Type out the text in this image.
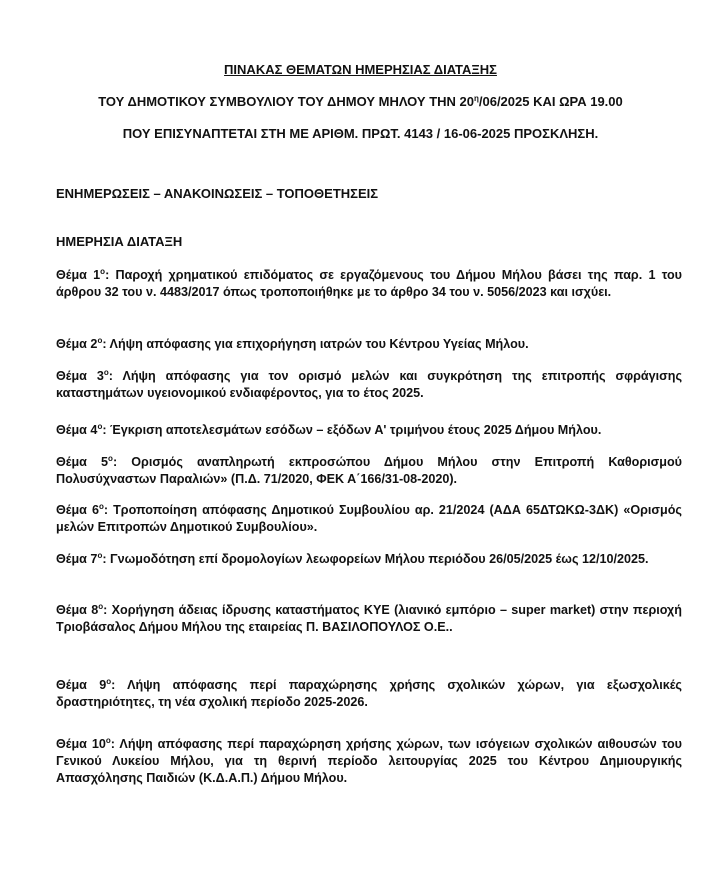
ΠΙΝΑΚΑΣ ΘΕΜΑΤΩΝ ΗΜΕΡΗΣΙΑΣ ΔΙΑΤΑΞΗΣ
ΤΟΥ ΔΗΜΟΤΙΚΟΥ ΣΥΜΒΟΥΛΙΟΥ ΤΟΥ ΔΗΜΟΥ ΜΗΛΟΥ ΤΗΝ $20^\eta/06/2025$ ΚΑΙ ΩΡΑ 19.00
ΠΟΥ ΕΠΙΣΥΝΑΠΤΕΤΑΙ ΣΤΗ ΜΕ ΑΡΙΘΜ. ΠΡΩΤ. 4143 / 16-06-2025 ΠΡΟΣΚΛΗΣΗ.
ΕΝΗΜΕΡΩΣΕΙΣ – ΑΝΑΚΟΙΝΩΣΕΙΣ – ΤΟΠΟΘΕΤΗΣΕΙΣ
ΗΜΕΡΗΣΙΑ ΔΙΑΤΑΞΗ
Θέμα $1^o$: Παροχή χρηματικού επιδόματος σε εργαζόμενους του Δήμου Μήλου βάσει της παρ. 1 του άρθρου 32 του ν. 4483/2017 όπως τροποποιήθηκε με το άρθρο 34 του ν. 5056/2023 και ισχύει.
Θέμα $2^o$: Λήψη απόφασης για επιχορήγηση ιατρών του Κέντρου Υγείας Μήλου.
Θέμα $3^o$: Λήψη απόφασης για τον ορισμό μελών και συγκρότηση της επιτροπής σφράγισης καταστημάτων υγειονομικού ενδιαφέροντος, για το έτος 2025.
Θέμα $4^o$: Έγκριση αποτελεσμάτων εσόδων – εξόδων Α' τριμήνου έτους 2025 Δήμου Μήλου.
Θέμα $5^o$: Ορισμός αναπληρωτή εκπροσώπου Δήμου Μήλου στην Επιτροπή Καθορισμού Πολυσύχναστων Παραλιών» (Π.Δ. 71/2020, ΦΕΚ Α΄166/31-08-2020).
Θέμα $6^o$: Τροποποίηση απόφασης Δημοτικού Συμβουλίου αρ. 21/2024 (ΑΔΑ 65ΔΤΩΚΩ-3ΔΚ) «Ορισμός μελών Επιτροπών Δημοτικού Συμβουλίου».
Θέμα $7^o$: Γνωμοδότηση επί δρομολογίων λεωφορείων Μήλου περιόδου 26/05/2025 έως 12/10/2025.
Θέμα $8^o$: Χορήγηση άδειας ίδρυσης καταστήματος ΚΥΕ (λιανικό εμπόριο – super market) στην περιοχή Τριοβάσαλος Δήμου Μήλου της εταιρείας Π. ΒΑΣΙΛΟΠΟΥΛΟΣ Ο.Ε..
Θέμα $9^o$: Λήψη απόφασης περί παραχώρησης χρήσης σχολικών χώρων, για εξωσχολικές δραστηριότητες, τη νέα σχολική περίοδο 2025-2026.
Θέμα $10^o$: Λήψη απόφασης περί παραχώρηση χρήσης χώρων, των ισόγειων σχολικών αιθουσών του Γενικού Λυκείου Μήλου, για τη θερινή περίοδο λειτουργίας 2025 του Κέντρου Δημιουργικής Απασχόλησης Παιδιών (Κ.Δ.Α.Π.) Δήμου Μήλου.
